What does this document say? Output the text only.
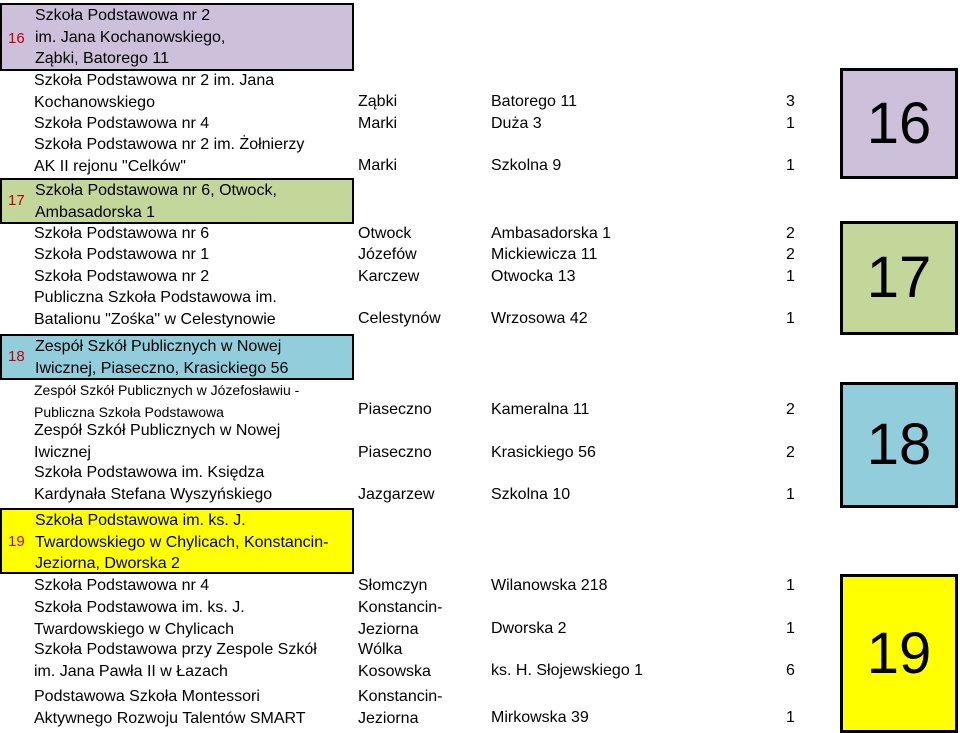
16
Szkoła Podstawowa nr 2
im. Jana Kochanowskiego,
Ząbki, Batorego 11
Szkoła Podstawowa nr 2 im. Jana
Kochanowskiego	Ząbki	Batorego 11	3
Szkoła Podstawowa nr 4	Marki	Duża 3	1
Szkoła Podstawowa nr 2 im. Żołnierzy
AK II rejonu "Celków"	Marki	Szkolna 9	1
16
17
Szkoła Podstawowa nr 6, Otwock,
Ambasadorska 1
Szkoła Podstawowa nr 6	Otwock	Ambasadorska 1	2
Szkoła Podstawowa nr 1	Józefów	Mickiewicza 11	2
Szkoła Podstawowa nr 2	Karczew	Otwocka 13	1
Publiczna Szkoła Podstawowa im.
Batalionu "Zośka" w Celestynowie	Celestynów	Wrzosowa 42	1
17
18
Zespół Szkół Publicznych w Nowej
Iwicznej, Piaseczno, Krasickiego 56
Zespół Szkół Publicznych w Józefosławiu -
Publiczna Szkoła Podstawowa	Piaseczno	Kameralna 11	2
Zespół Szkół Publicznych w Nowej
Iwicznej	Piaseczno	Krasickiego 56	2
Szkoła Podstawowa im. Księdza
Kardynała Stefana Wyszyńskiego	Jazgarzew	Szkolna 10	1
18
19
Szkoła Podstawowa im. ks. J.
Twardowskiego w Chylicach, Konstancin-
Jeziorna, Dworska 2
Szkoła Podstawowa nr 4	Słomczyn	Wilanowska 218	1
Szkoła Podstawowa im. ks. J.
Twardowskiego w Chylicach
Konstancin-
Jeziorna	Dworska 2	1
Szkoła Podstawowa przy Zespole Szkół
im. Jana Pawła II w Łazach
Wólka
Kosowska	ks. H. Słojewskiego 1	6
Podstawowa Szkoła Montessori
Aktywnego Rozwoju Talentów SMART
Konstancin-
Jeziorna	Mirkowska 39	1
19
